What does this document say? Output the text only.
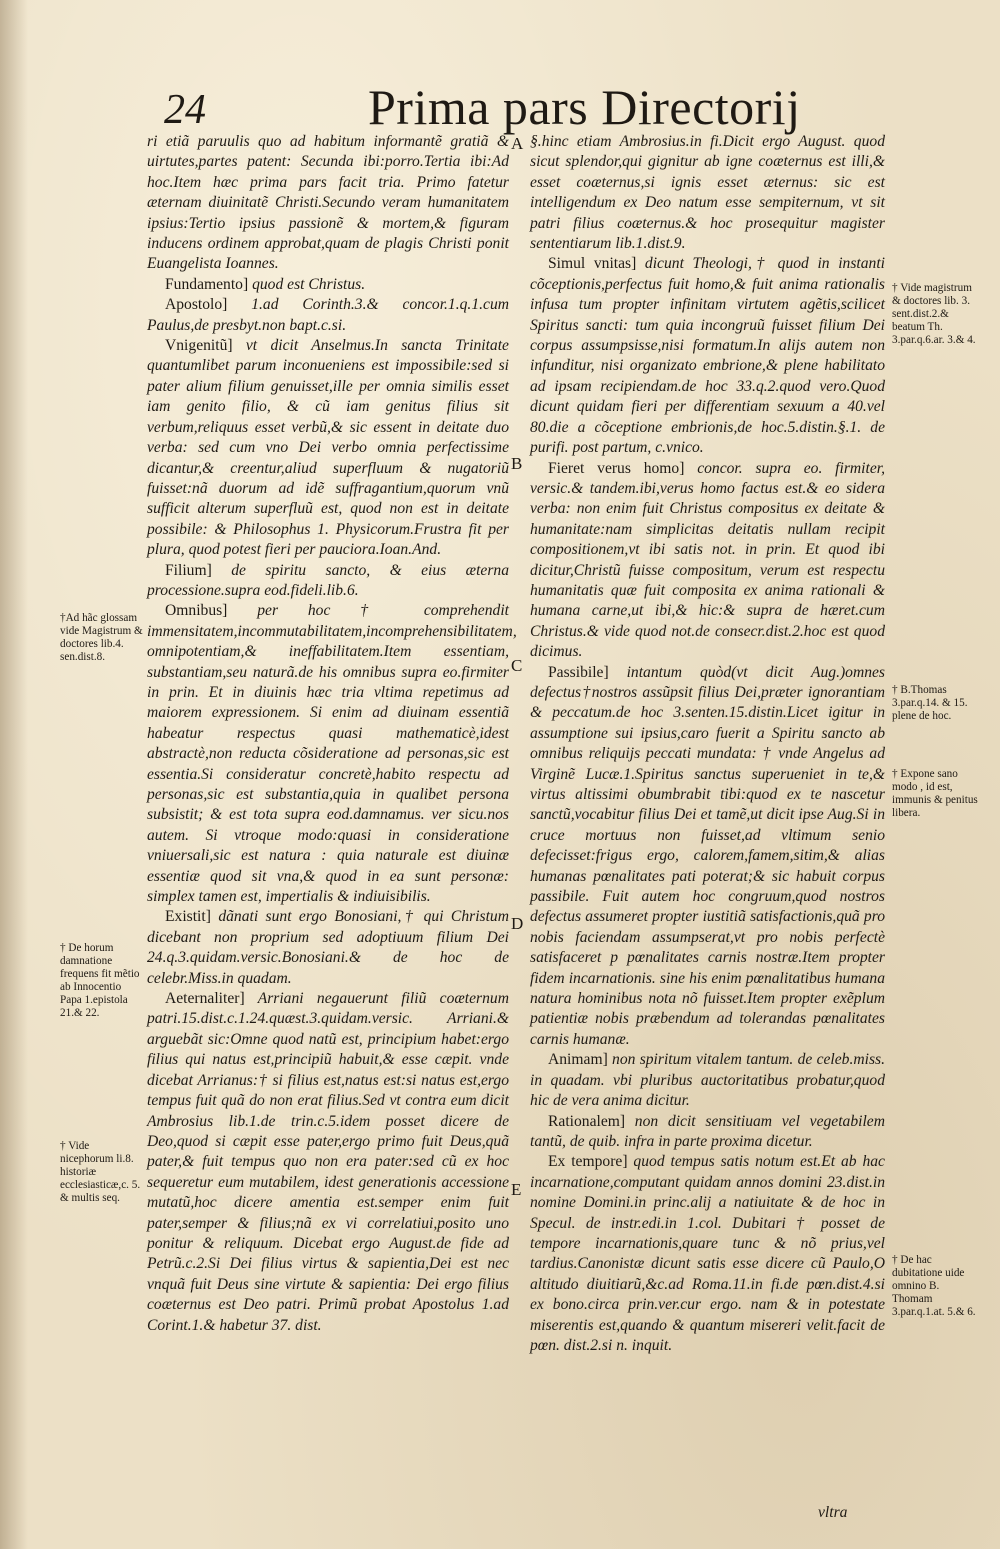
24	Prima pars Directorij

ri etiã paruulis quo ad habitum informantẽ gratiã & uirtutes,partes patent: Secunda ibi:porro.Tertia ibi:Ad hoc.Item hæc prima pars facit tria. Primo fatetur æternam diuinitatẽ Christi.Secundo veram humanitatem ipsius:Tertio ipsius passionẽ & mortem,& figuram inducens ordinem approbat,quam de plagis Christi ponit Euangelista Ioannes.

Fundamento] quod est Christus.

Apostolo] 1.ad Corinth.3.& concor.1.q.1.cum Paulus,de presbyt.non bapt.c.si.

Vnigenitũ] vt dicit Anselmus.In sancta Trinitate quantumlibet parum inconueniens est impossibile:sed si pater alium filium genuisset,ille per omnia similis esset iam genito filio, & cũ iam genitus filius sit verbum,reliquus esset verbũ,& sic essent in deitate duo verba: sed cum vno Dei verbo omnia perfectissime dicantur,& creentur,aliud superfluum & nugatoriũ fuisset:nã duorum ad idẽ suffragantium,quorum vnũ sufficit alterum superfluũ est, quod non est in deitate possibile: & Philosophus 1. Physicorum.Frustra fit per plura, quod potest fieri per pauciora.Ioan.And.

Filium] de spiritu sancto, & eius æterna processione.supra eod.fideli.lib.6.

Omnibus] per hoc † comprehendit immensitatem,incommutabilitatem,incomprehensibilitatem, omnipotentiam,& ineffabilitatem.Item essentiam, substantiam,seu naturã.de his omnibus supra eo.firmiter in prin. Et in diuinis hæc tria vltima repetimus ad maiorem expressionem. Si enim ad diuinam essentiã habeatur respectus quasi mathematicè,idest abstractè,non reducta cõsideratione ad personas,sic est essentia.Si consideratur concretè,habito respectu ad personas,sic est substantia,quia in qualibet persona subsistit; & est tota supra eod.damnamus. ver sicu.nos autem. Si vtroque modo:quasi in consideratione vniuersali,sic est natura : quia naturale est diuinæ essentiæ quod sit vna,& quod in ea sunt personæ: simplex tamen est, impertialis & indiuisibilis.

Existit] dãnati sunt ergo Bonosiani,† qui Christum dicebant non proprium sed adoptiuum filium Dei 24.q.3.quidam.versic.Bonosiani.& de hoc de celebr.Miss.in quadam.

Aeternaliter] Arriani negauerunt filiũ coæternum patri.15.dist.c.1.24.quæst.3.quidam.versic. Arriani.& arguebãt sic:Omne quod natũ est, principium habet:ergo filius qui natus est,principiũ habuit,& esse cæpit. vnde dicebat Arrianus:† si filius est,natus est:si natus est,ergo tempus fuit quã do non erat filius.Sed vt contra eum dicit Ambrosius lib.1.de trin.c.5.idem posset dicere de Deo,quod si cæpit esse pater,ergo primo fuit Deus,quã pater,& fuit tempus quo non era pater:sed cũ ex hoc sequeretur eum mutabilem, idest generationis accessione mutatũ,hoc dicere amentia est.semper enim fuit pater,semper & filius;nã ex vi correlatiui,posito uno ponitur & reliquum. Dicebat ergo August.de fide ad Petrũ.c.2.Si Dei filius virtus & sapientia,Dei est nec vnquã fuit Deus sine virtute & sapientia: Dei ergo filius coæternus est Deo patri. Primũ probat Apostolus 1.ad Corint.1.& habetur 37. dist.

A
B
C
D
E

§.hinc etiam Ambrosius.in fi.Dicit ergo August. quod sicut splendor,qui gignitur ab igne coæternus est illi,& esset coæternus,si ignis esset æternus: sic est intelligendum ex Deo natum esse sempiternum, vt sit patri filius coæternus.& hoc prosequitur magister sententiarum lib.1.dist.9.

Simul vnitas] dicunt Theologi,† quod in instanti cõceptionis,perfectus fuit homo,& fuit anima rationalis infusa tum propter infinitam virtutem agẽtis,scilicet Spiritus sancti: tum quia incongruũ fuisset filium Dei corpus assumpsisse,nisi formatum.In alijs autem non infunditur, nisi organizato embrione,& plene habilitato ad ipsam recipiendam.de hoc 33.q.2.quod vero.Quod dicunt quidam fieri per differentiam sexuum a 40.vel 80.die a cõceptione embrionis,de hoc.5.distin.§.1. de purifi. post partum, c.vnico.

Fieret verus homo] concor. supra eo. firmiter, versic.& tandem.ibi,verus homo factus est.& eo sidera verba: non enim fuit Christus compositus ex deitate & humanitate:nam simplicitas deitatis nullam recipit compositionem,vt ibi satis not. in prin. Et quod ibi dicitur,Christũ fuisse compositum, verum est respectu humanitatis quæ fuit composita ex anima rationali & humana carne,ut ibi,& hic:& supra de hæret.cum Christus.& vide quod not.de consecr.dist.2.hoc est quod dicimus.

Passibile] intantum quòd(vt dicit Aug.)omnes defectus†nostros assũpsit filius Dei,præter ignorantiam & peccatum.de hoc 3.senten.15.distin.Licet igitur in assumptione sui ipsius,caro fuerit a Spiritu sancto ab omnibus reliquijs peccati mundata: † vnde Angelus ad Virginẽ Lucæ.1.Spiritus sanctus superueniet in te,& virtus altissimi obumbrabit tibi:quod ex te nascetur sanctũ,vocabitur filius Dei et tamẽ,ut dicit ipse Aug.Si in cruce mortuus non fuisset,ad vltimum senio defecisset:frigus ergo, calorem,famem,sitim,& alias humanas pœnalitates pati poterat;& sic habuit corpus passibile. Fuit autem hoc congruum,quod nostros defectus assumeret propter iustitiã satisfactionis,quã pro nobis faciendam assumpserat,vt pro nobis perfectè satisfaceret p pœnalitates carnis nostræ.Item propter fidem incarnationis. sine his enim pœnalitatibus humana natura hominibus nota nõ fuisset.Item propter exẽplum patientiæ nobis præbendum ad tolerandas pœnalitates carnis humanæ.

Animam] non spiritum vitalem tantum. de celeb.miss. in quadam. vbi pluribus auctoritatibus probatur,quod hic de vera anima dicitur.

Rationalem] non dicit sensitiuam vel vegetabilem tantũ, de quib. infra in parte proxima dicetur.

Ex tempore] quod tempus satis notum est.Et ab hac incarnatione,computant quidam annos domini 23.dist.in nomine Domini.in princ.alij a natiuitate & de hoc in Specul. de instr.edi.in 1.col. Dubitari † posset de tempore incarnationis,quare tunc & nõ prius,vel tardius.Canonistæ dicunt satis esse dicere cũ Paulo,O altitudo diuitiarũ,&c.ad Roma.11.in fi.de pœn.dist.4.si ex bono.circa prin.ver.cur ergo. nam & in potestate miserentis est,quando & quantum misereri velit.facit de pœn. dist.2.si n. inquit.

†Ad hãc glossam vide Magistrum & doctores lib.4. sen.dist.8.
† De horum damnatione frequens fit mẽtio ab Innocentio Papa 1.epistola 21.& 22.
† Vide nicephorum li.8. historiæ ecclesiasticæ,c. 5. & multis seq.
† Vide magistrum & doctores lib. 3. sent.dist.2.& beatum Th. 3.par.q.6.ar. 3.& 4.
† B.Thomas 3.par.q.14. & 15. plene de hoc.
† Expone sano modo , id est, immunis & penitus libera.
† De hac dubitatione uide omnino B. Thomam 3.par.q.1.at. 5.& 6.
vltra
